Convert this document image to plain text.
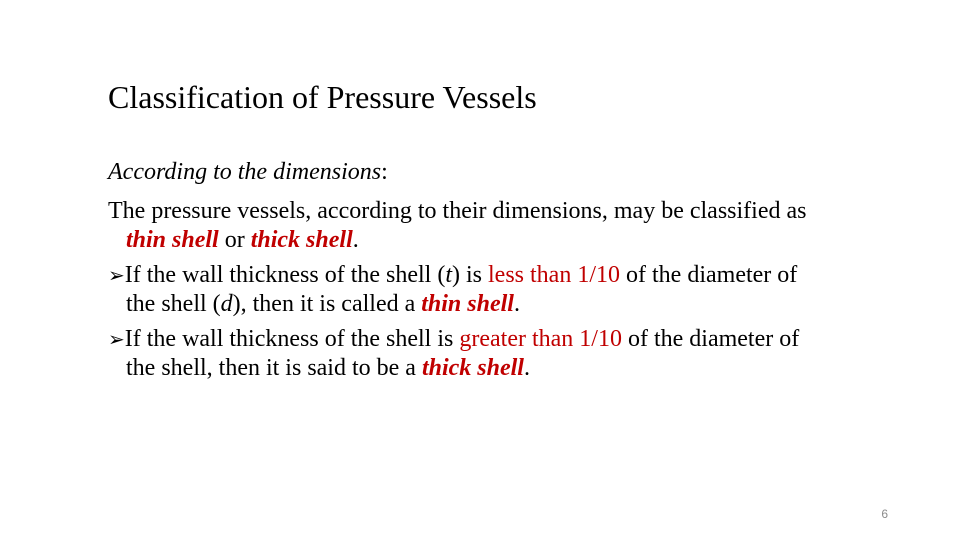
Classification of Pressure Vessels

According to the dimensions:

The pressure vessels, according to their dimensions, may be classified as thin shell or thick shell.

➢If the wall thickness of the shell (t) is less than 1/10 of the diameter of the shell (d), then it is called a thin shell.

➢If the wall thickness of the shell is greater than 1/10 of the diameter of the shell, then it is said to be a thick shell.

6
